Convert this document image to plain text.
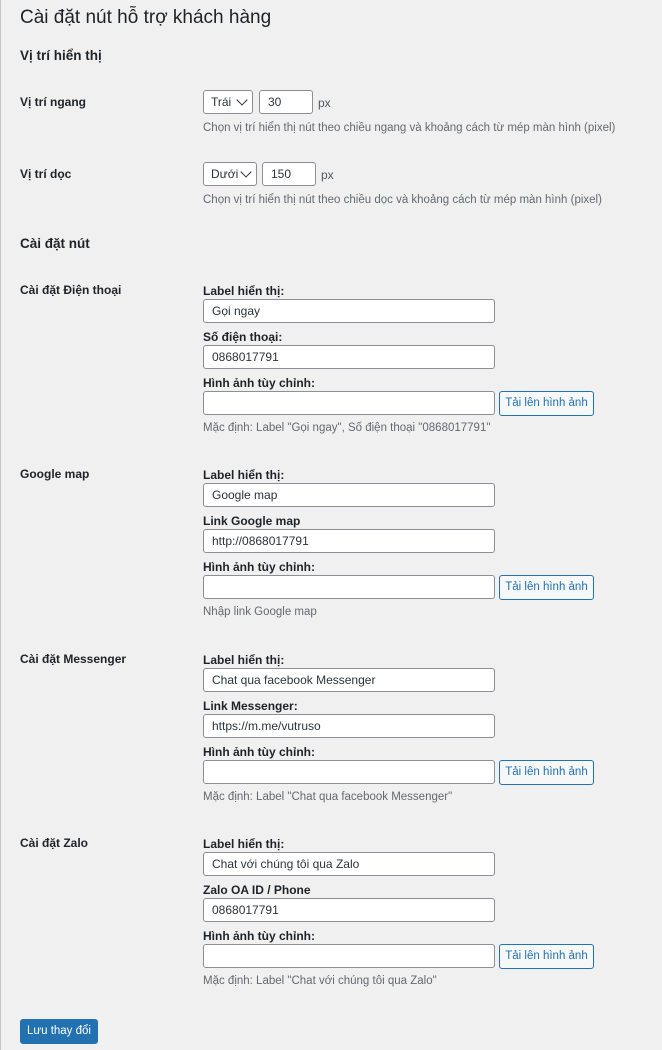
Cài đặt nút hỗ trợ khách hàng
Vị trí hiển thị
Vị trí ngang	Trái	30	px
Chọn vị trí hiển thị nút theo chiều ngang và khoảng cách từ mép màn hình (pixel)
Vị trí dọc	Dưới	150	px
Chọn vị trí hiển thị nút theo chiều dọc và khoảng cách từ mép màn hình (pixel)
Cài đặt nút
Cài đặt Điện thoại	Label hiển thị:
Gọi ngay
Số điện thoại:
0868017791
Hình ảnh tùy chỉnh:
Tải lên hình ảnh
Mặc định: Label "Gọi ngay", Số điện thoại "0868017791"
Google map	Label hiển thị:
Google map
Link Google map
http://0868017791
Hình ảnh tùy chỉnh:
Tải lên hình ảnh
Nhập link Google map
Cài đặt Messenger	Label hiển thị:
Chat qua facebook Messenger
Link Messenger:
https://m.me/vutruso
Hình ảnh tùy chỉnh:
Tải lên hình ảnh
Mặc định: Label "Chat qua facebook Messenger"
Cài đặt Zalo	Label hiển thị:
Chat với chúng tôi qua Zalo
Zalo OA ID / Phone
0868017791
Hình ảnh tùy chỉnh:
Tải lên hình ảnh
Mặc định: Label "Chat với chúng tôi qua Zalo"
Lưu thay đổi
